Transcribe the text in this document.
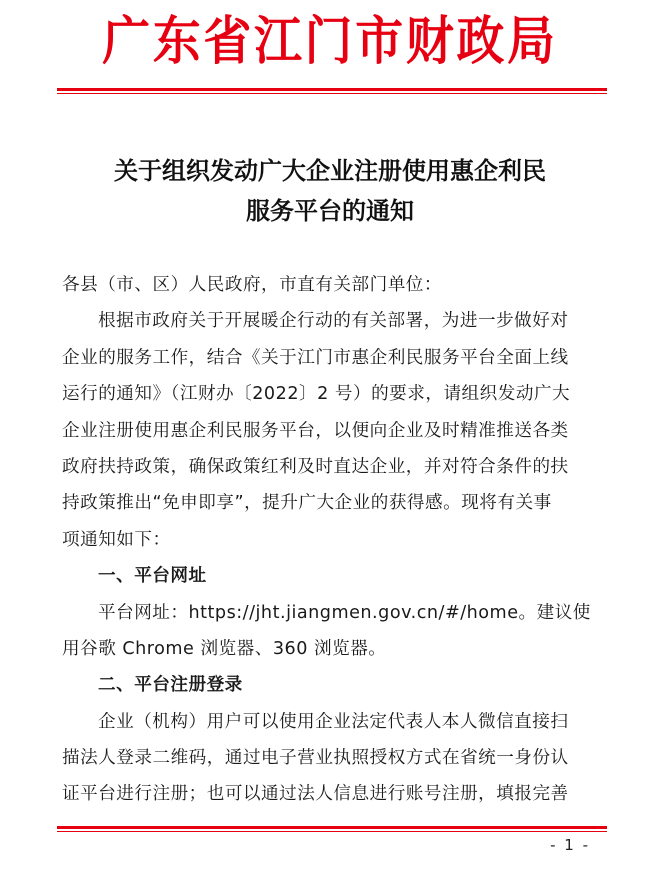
广东省江门市财政局
关于组织发动广大企业注册使用惠企利民
服务平台的通知
各县（市、区）人民政府，市直有关部门单位：
根据市政府关于开展暖企行动的有关部署，为进一步做好对
企业的服务工作，结合《关于江门市惠企利民服务平台全面上线
运行的通知》（江财办〔2022〕2 号）的要求，请组织发动广大
企业注册使用惠企利民服务平台，以便向企业及时精准推送各类
政府扶持政策，确保政策红利及时直达企业，并对符合条件的扶
持政策推出“免申即享”，提升广大企业的获得感。现将有关事
项通知如下：
一、平台网址
平台网址：https://jht.jiangmen.gov.cn/#/home。建议使
用谷歌 Chrome 浏览器、360 浏览器。
二、平台注册登录
企业（机构）用户可以使用企业法定代表人本人微信直接扫
描法人登录二维码，通过电子营业执照授权方式在省统一身份认
证平台进行注册；也可以通过法人信息进行账号注册，填报完善
- 1 -
